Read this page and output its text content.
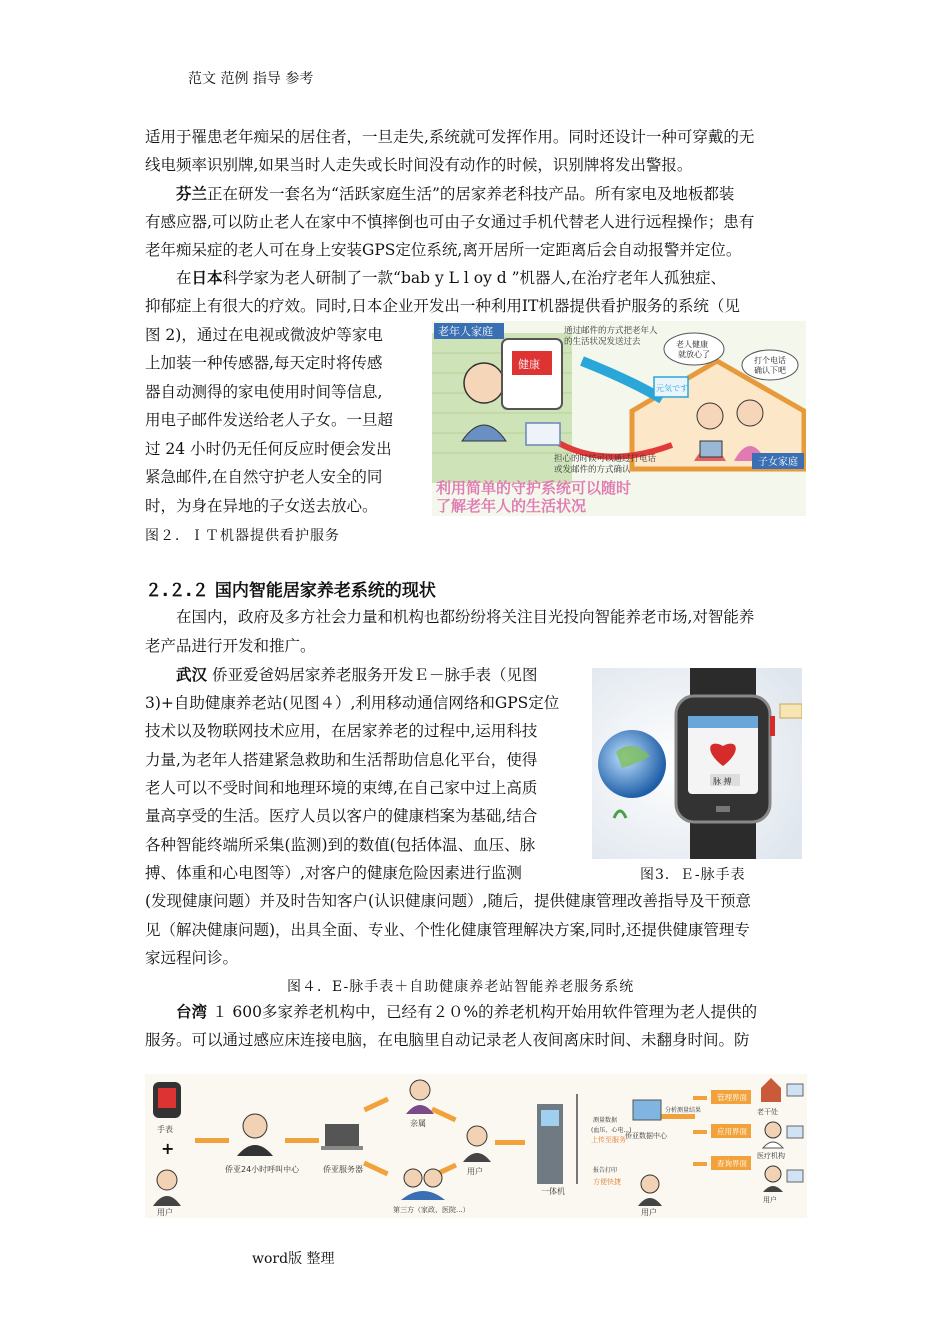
范文 范例 指导 参考
适用于罹患老年痴呆的居住者，一旦走失,系统就可发挥作用。同时还设计一种可穿戴的无
线电频率识别牌,如果当时人走失或长时间没有动作的时候，识别牌将发出警报。
芬兰正在研发一套名为“活跃家庭生活”的居家养老科技产品。所有家电及地板都装
有感应器,可以防止老人在家中不慎摔倒也可由子女通过手机代替老人进行远程操作；患有
老年痴呆症的老人可在身上安装GPS定位系统,离开居所一定距离后会自动报警并定位。
在日本科学家为老人研制了一款“bab y L l oy d ”机器人,在治疗老年人孤独症、
抑郁症上有很大的疗效。同时,日本企业开发出一种利用IT机器提供看护服务的系统（见
图 2)，通过在电视或微波炉等家电
上加装一种传感器,每天定时将传感
器自动测得的家电使用时间等信息,
用电子邮件发送给老人子女。一旦超
过 24 小时仍无任何反应时便会发出
紧急邮件,在自然守护老人安全的同
时，为身在异地的子女送去放心。
老年人家庭
健康
子女家庭
老人健康
就放心了
打个电话
确认下吧
通过邮件的方式把老年人
的生活状况发送过去
元気です
担心的时候可以通过打电话
或发邮件的方式确认
利用简单的守护系统可以随时
了解老年人的生活状况
图２．ＩＴ机器提供看护服务
２.２.２ 国内智能居家养老系统的现状
在国内，政府及多方社会力量和机构也都纷纷将关注目光投向智能养老市场,对智能养
老产品进行开发和推广。
武汉 侨亚爱爸妈居家养老服务开发Ｅ－脉手表（见图
3)+自助健康养老站(见图４）,利用移动通信网络和GPS定位
技术以及物联网技术应用，在居家养老的过程中,运用科技
力量,为老年人搭建紧急救助和生活帮助信息化平台，使得
老人可以不受时间和地理环境的束缚,在自己家中过上高质
量高享受的生活。医疗人员以客户的健康档案为基础,结合
各种智能终端所采集(监测)到的数值(包括体温、血压、脉
搏、体重和心电图等）,对客户的健康危险因素进行监测
(发现健康问题）并及时告知客户(认识健康问题）,随后，提供健康管理改善指导及干预意
见（解决健康问题)，出具全面、专业、个性化健康管理解决方案,同时,还提供健康管理专
家远程问诊。
脉 搏
图3．Ｅ-脉手表
图４．E-脉手表＋自助健康养老站智能养老服务系统
台湾 １ 600多家养老机构中，已经有２０%的养老机构开始用软件管理为老人提供的
服务。可以通过感应床连接电脑，在电脑里自动记录老人夜间离床时间、未翻身时间。防
手表
+
用户
侨亚24小时呼叫中心	侨亚服务器
亲属
第三方（家政、医院...）
用户
一体机
测量数据
(血压、心电...)
上传至服务
报告打印
方便快捷
用户
侨亚数据中心
分析测量结果
管理界面
应用界面
查询界面
老干处
医疗机构
用户
word版 整理
